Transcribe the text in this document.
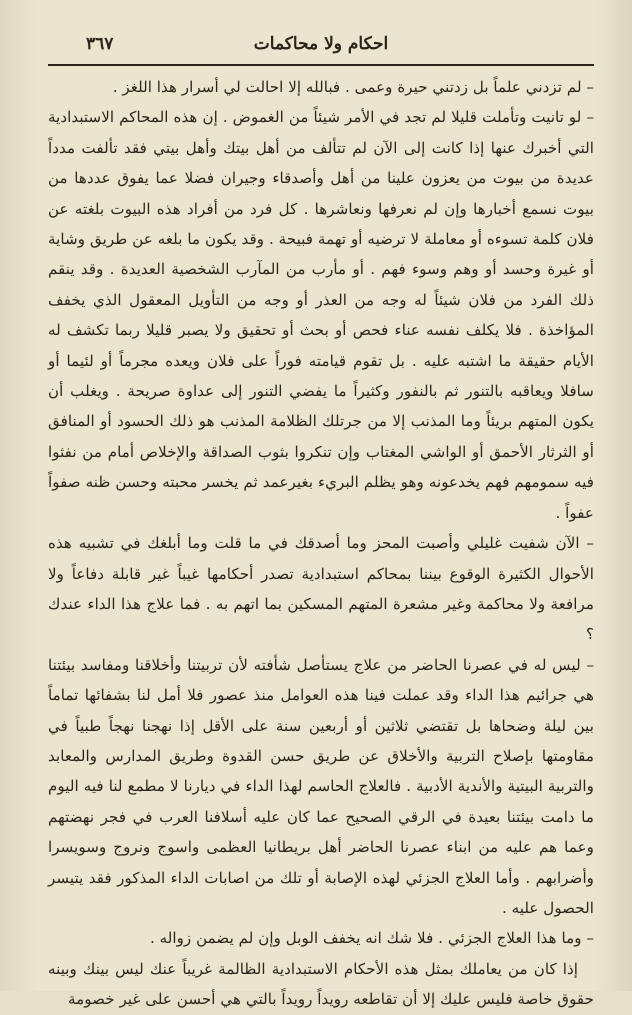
٣٦٧	احكام ولا محاكمات

– لم تزدني علماً بل زدتني حيرة وعمى . فبالله إلا احالت لي أسرار هذا اللغز .

– لو تانيت وتأملت قليلا لم تجد في الأمر شيئاً من الغموض . إن هذه المحاكم الاستبدادية التي أخبرك عنها إذا كانت إلى الآن لم تتألف من أهل بيتك وأهل بيتي فقد تألفت مدداً عديدة من بيوت من يعزون علينا من أهل وأصدقاء وجيران فضلا عما يفوق عددها من بيوت نسمع أخبارها وإن لم نعرفها ونعاشرها . كل فرد من أفراد هذه البيوت بلغته عن فلان كلمة تسوءه أو معاملة لا ترضيه أو تهمة فبيحة . وقد يكون ما بلغه عن طريق وشاية أو غيرة وحسد أو وهم وسوء فهم . أو مأرب من المآرب الشخصية العديدة . وقد ينقم ذلك الفرد من فلان شيئاً له وجه من العذر أو وجه من التأويل المعقول الذي يخفف المؤاخذة . فلا يكلف نفسه عناء فحص أو بحث أو تحقيق ولا يصبر قليلا ربما تكشف له الأيام حقيقة ما اشتبه عليه . بل تقوم قيامته فوراً على فلان ويعده مجرماً أو لئيما أو سافلا ويعاقبه بالتنور ثم بالنفور وكثيراً ما يفضي التنور إلى عداوة صريحة . ويغلب أن يكون المتهم بريئاً وما المذنب إلا من جرتلك الظلامة المذنب هو ذلك الحسود أو المنافق أو الثرثار الأحمق أو الواشي المغتاب وإن تنكروا بثوب الصداقة والإخلاص أمام من نفثوا فيه سمومهم فهم يخدعونه وهو يظلم البريء بغيرعمد ثم يخسر محبته وحسن ظنه صفواً عفواً .

– الآن شفيت غليلي وأصبت المحز وما أصدقك في ما قلت وما أبلغك في تشبيه هذه الأحوال الكثيرة الوقوع بيننا بمحاكم استبدادية تصدر أحكامها غيباً غير قابلة دفاعاً ولا مرافعة ولا محاكمة وغير مشعرة المتهم المسكين بما اتهم به . فما علاج هذا الداء عندك ؟

– ليس له في عصرنا الحاضر من علاج يستأصل شأفته لأن تربيتنا وأخلاقنا ومفاسد بيئتنا هي جرائيم هذا الداء وقد عملت فينا هذه العوامل منذ عصور فلا أمل لنا بشفائها تماماً بين ليلة وضحاها بل تقتضي ثلاثين أو أربعين سنة على الأقل إذا نهجنا نهجاً طبياً في مقاومتها بإصلاح التربية والأخلاق عن طريق حسن القدوة وطريق المدارس والمعابد والتربية البيتية والأندية الأدبية . فالعلاج الحاسم لهذا الداء في ديارنا لا مطمع لنا فيه اليوم ما دامت بيئتنا بعيدة في الرقي الصحيح عما كان عليه أسلافنا العرب في فجر نهضتهم وعما هم عليه من ابناء عصرنا الحاضر أهل بريطانيا العظمى واسوج ونروج وسويسرا وأضرابهم . وأما العلاج الجزئي لهذه الإصابة أو تلك من اصابات الداء المذكور فقد يتيسر الحصول عليه .

– وما هذا العلاج الجزئي . فلا شك انه يخفف الوبل وإن لم يضمن زواله .

إذا كان من يعاملك بمثل هذه الأحكام الاستبدادية الظالمة غريباً عنك ليس بينك وبينه حقوق خاصة فليس عليك إلا أن تقاطعه رويداً رويداً بالتي هي أحسن على غير خصومة
